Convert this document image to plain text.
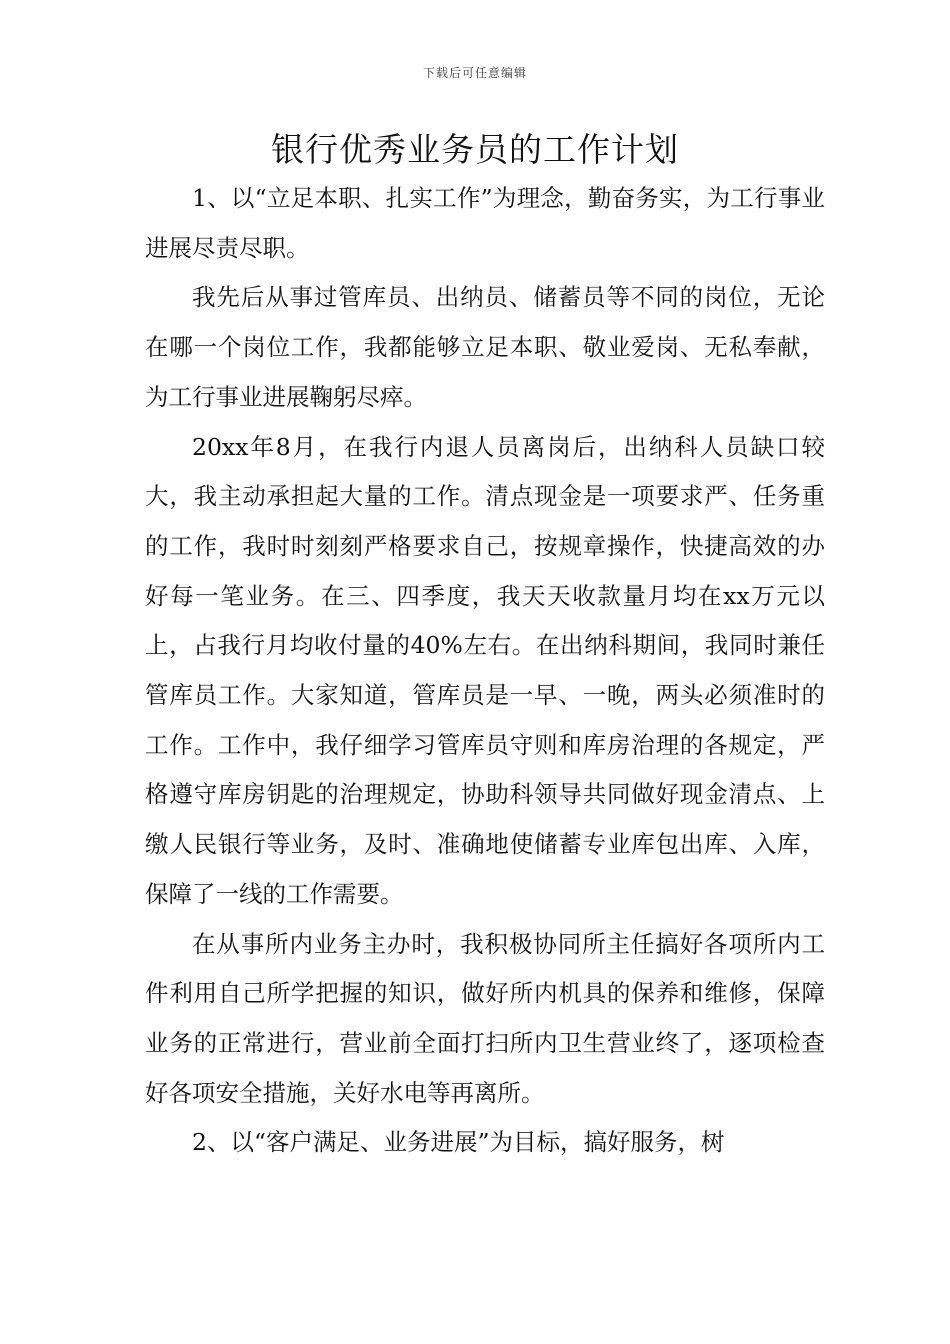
下载后可任意编辑
银行优秀业务员的工作计划

1、以“立足本职、扎实工作”为理念，勤奋务实，为工行事业进展尽责尽职。

我先后从事过管库员、出纳员、储蓄员等不同的岗位，无论在哪一个岗位工作，我都能够立足本职、敬业爱岗、无私奉献，为工行事业进展鞠躬尽瘁。

20xx年8月，在我行内退人员离岗后，出纳科人员缺口较大，我主动承担起大量的工作。清点现金是一项要求严、任务重的工作，我时时刻刻严格要求自己，按规章操作，快捷高效的办好每一笔业务。在三、四季度，我天天收款量月均在xx万元以上，占我行月均收付量的40%左右。在出纳科期间，我同时兼任管库员工作。大家知道，管库员是一早、一晚，两头必须准时的工作。工作中，我仔细学习管库员守则和库房治理的各规定，严格遵守库房钥匙的治理规定，协助科领导共同做好现金清点、上缴人民银行等业务，及时、准确地使储蓄专业库包出库、入库，保障了一线的工作需要。

在从事所内业务主办时，我积极协同所主任搞好各项所内工件利用自己所学把握的知识，做好所内机具的保养和维修，保障业务的正常进行，营业前全面打扫所内卫生营业终了，逐项检查好各项安全措施，关好水电等再离所。

2、以“客户满足、业务进展”为目标，搞好服务，树
